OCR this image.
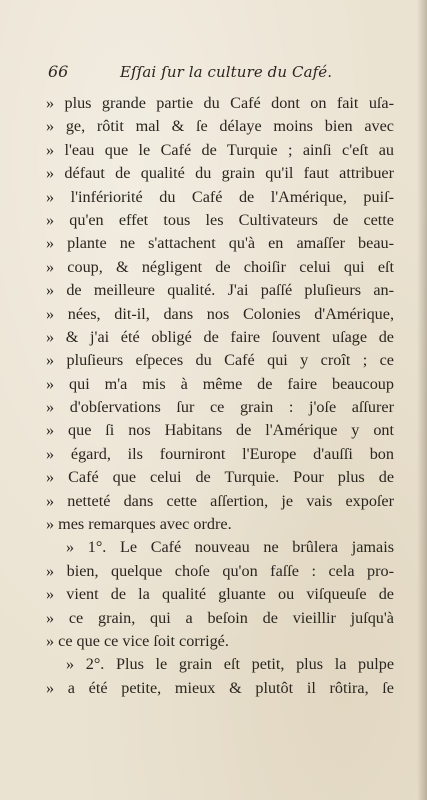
66	Eſſai ſur la culture du Café.
» plus grande partie du Café dont on fait uſa-
» ge, rôtit mal & ſe délaye moins bien avec
» l'eau que le Café de Turquie ; ainſi c'eſt au
» défaut de qualité du grain qu'il faut attribuer
» l'infériorité du Café de l'Amérique, puiſ-
» qu'en effet tous les Cultivateurs de cette
» plante ne s'attachent qu'à en amaſſer beau-
» coup, & négligent de choiſir celui qui eſt
» de meilleure qualité. J'ai paſſé pluſieurs an-
» nées, dit-il, dans nos Colonies d'Amérique,
» & j'ai été obligé de faire ſouvent uſage de
» pluſieurs eſpeces du Café qui y croît ; ce
» qui m'a mis à même de faire beaucoup
» d'obſervations ſur ce grain : j'oſe aſſurer
» que ſi nos Habitans de l'Amérique y ont
» égard, ils fourniront l'Europe d'auſſi bon
» Café que celui de Turquie. Pour plus de
» netteté dans cette aſſertion, je vais expoſer
» mes remarques avec ordre.
» 1°. Le Café nouveau ne brûlera jamais
» bien, quelque choſe qu'on faſſe : cela pro-
» vient de la qualité gluante ou viſqueuſe de
» ce grain, qui a beſoin de vieillir juſqu'à
» ce que ce vice ſoit corrigé.
» 2°. Plus le grain eſt petit, plus la pulpe
» a été petite, mieux & plutôt il rôtira, ſe
